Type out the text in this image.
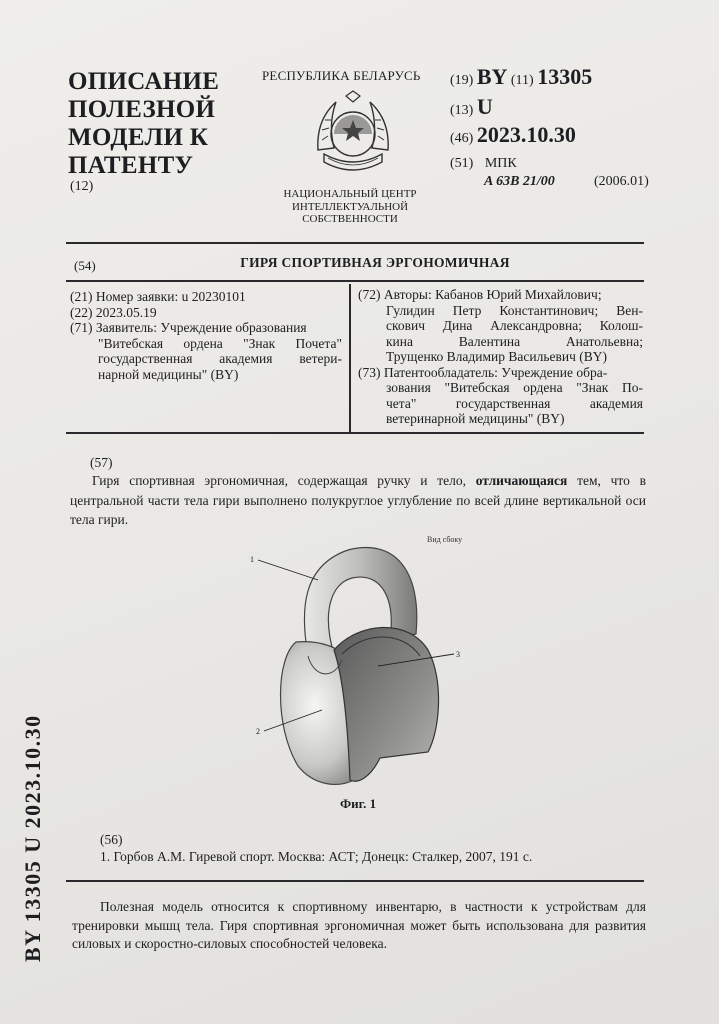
ОПИСАНИЕ ПОЛЕЗНОЙ МОДЕЛИ К ПАТЕНТУ
(12)
РЕСПУБЛИКА БЕЛАРУСЬ
НАЦИОНАЛЬНЫЙ ЦЕНТР ИНТЕЛЛЕКТУАЛЬНОЙ СОБСТВЕННОСТИ
(19) BY (11) 13305
(13) U
(46) 2023.10.30
(51) МПК
A 63B 21/00	(2006.01)
(54)	ГИРЯ СПОРТИВНАЯ ЭРГОНОМИЧНАЯ
(21) Номер заявки: u 20230101
(22) 2023.05.19
(71) Заявитель: Учреждение образования
"Витебская ордена "Знак Почета"
государственная академия ветери-
нарной медицины" (BY)
(72) Авторы: Кабанов Юрий Михайлович;
Гулидин Петр Константинович; Вен-
скович Дина Александровна; Колош-
кина Валентина Анатольевна;
Трущенко Владимир Васильевич (BY)
(73) Патентообладатель: Учреждение обра-
зования "Витебская ордена "Знак По-
чета" государственная академия
ветеринарной медицины" (BY)
(57)
Гиря спортивная эргономичная, содержащая ручку и тело, отличающаяся тем, что в центральной части тела гири выполнено полукруглое углубление по всей длине вертикальной оси тела гири.
Вид сбоку
1
2
3
Фиг. 1
(56)
1. Горбов А.М. Гиревой спорт. Москва: АСТ; Донецк: Сталкер, 2007, 191 с.
Полезная модель относится к спортивному инвентарю, в частности к устройствам для тренировки мышц тела. Гиря спортивная эргономичная может быть использована для развития силовых и скоростно-силовых способностей человека.
BY 13305 U 2023.10.30
